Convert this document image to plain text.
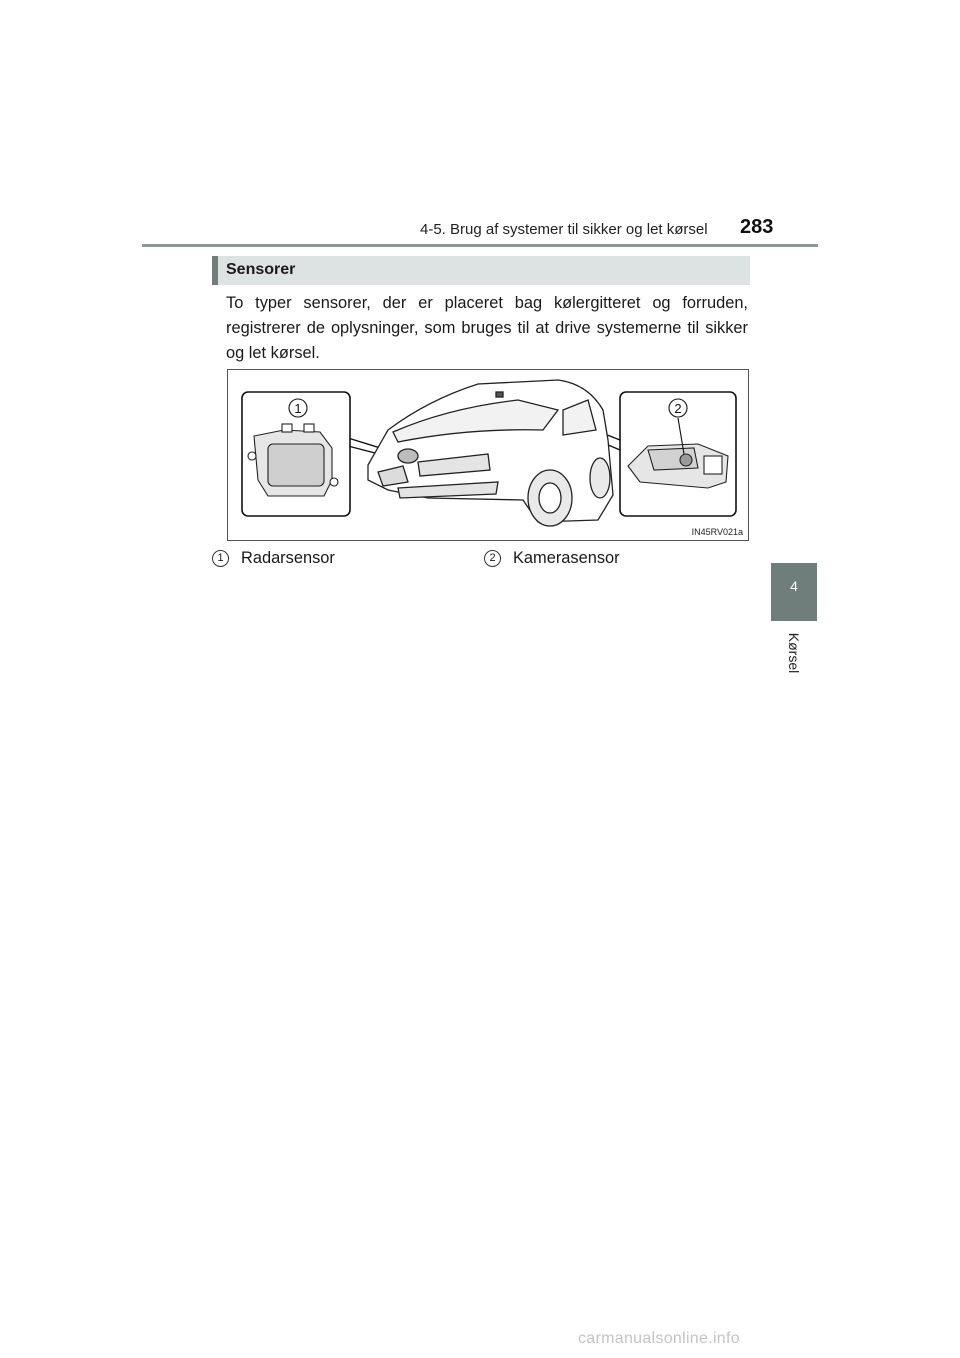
4-5. Brug af systemer til sikker og let kørsel 283
4
Kørsel
Sensorer

To typer sensorer, der er placeret bag kølergitteret og forruden, registrerer de oplysninger, som bruges til at drive systemerne til sikker og let kørsel.

1	2
IN45RV021a
1	Radarsensor	2	Kamerasensor
carmanualsonline.info
